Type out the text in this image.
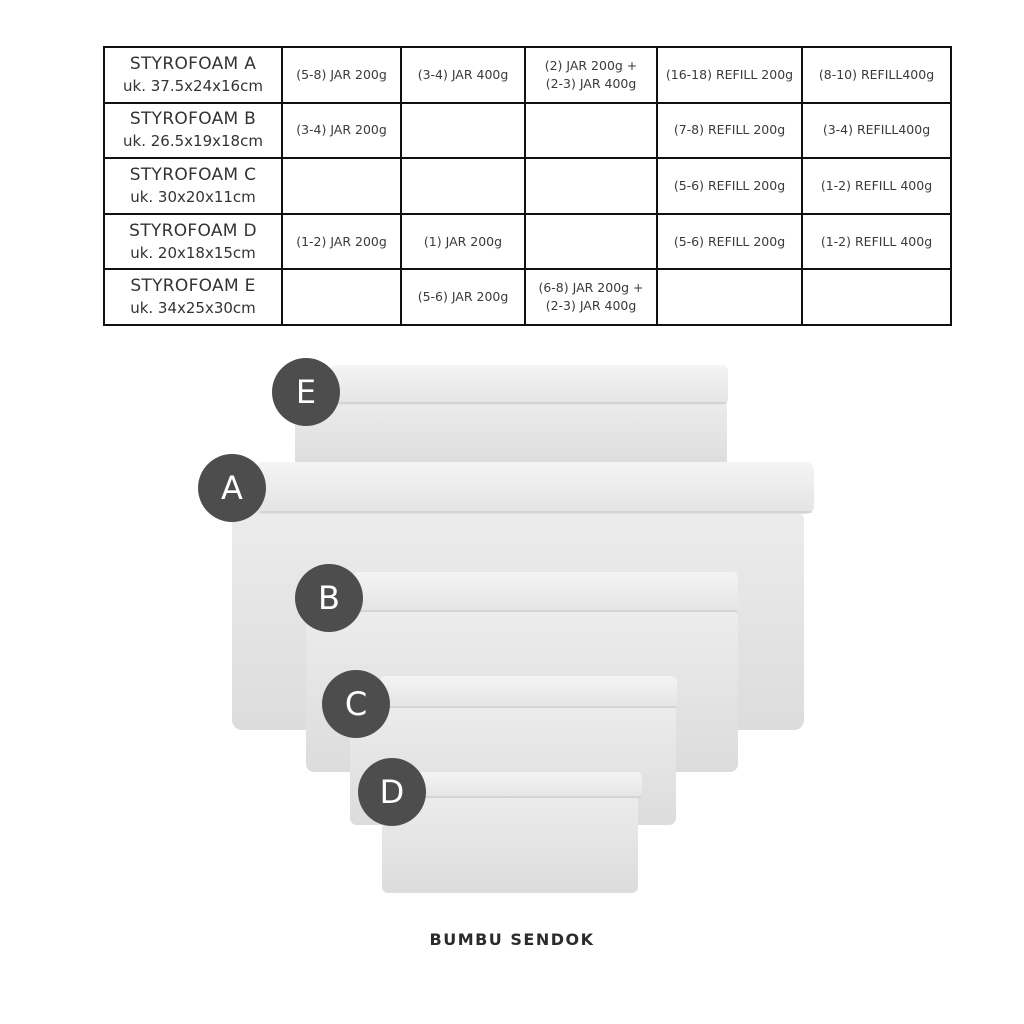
STYROFOAM A
uk. 37.5x24x16cm	(5-8) JAR 200g	(3-4) JAR 400g	(2) JAR 200g +
(2-3) JAR 400g	(16-18) REFILL 200g	(8-10) REFILL400g

STYROFOAM B
uk. 26.5x19x18cm	(3-4) JAR 200g			(7-8) REFILL 200g	(3-4) REFILL400g

STYROFOAM C
uk. 30x20x11cm				(5-6) REFILL 200g	(1-2) REFILL 400g

STYROFOAM D
uk. 20x18x15cm	(1-2) JAR 200g	(1) JAR 200g		(5-6) REFILL 200g	(1-2) REFILL 400g

STYROFOAM E
uk. 34x25x30cm		(5-6) JAR 200g	(6-8) JAR 200g +
(2-3) JAR 400g		

E
A
B
C
D
BUMBU SENDOK
